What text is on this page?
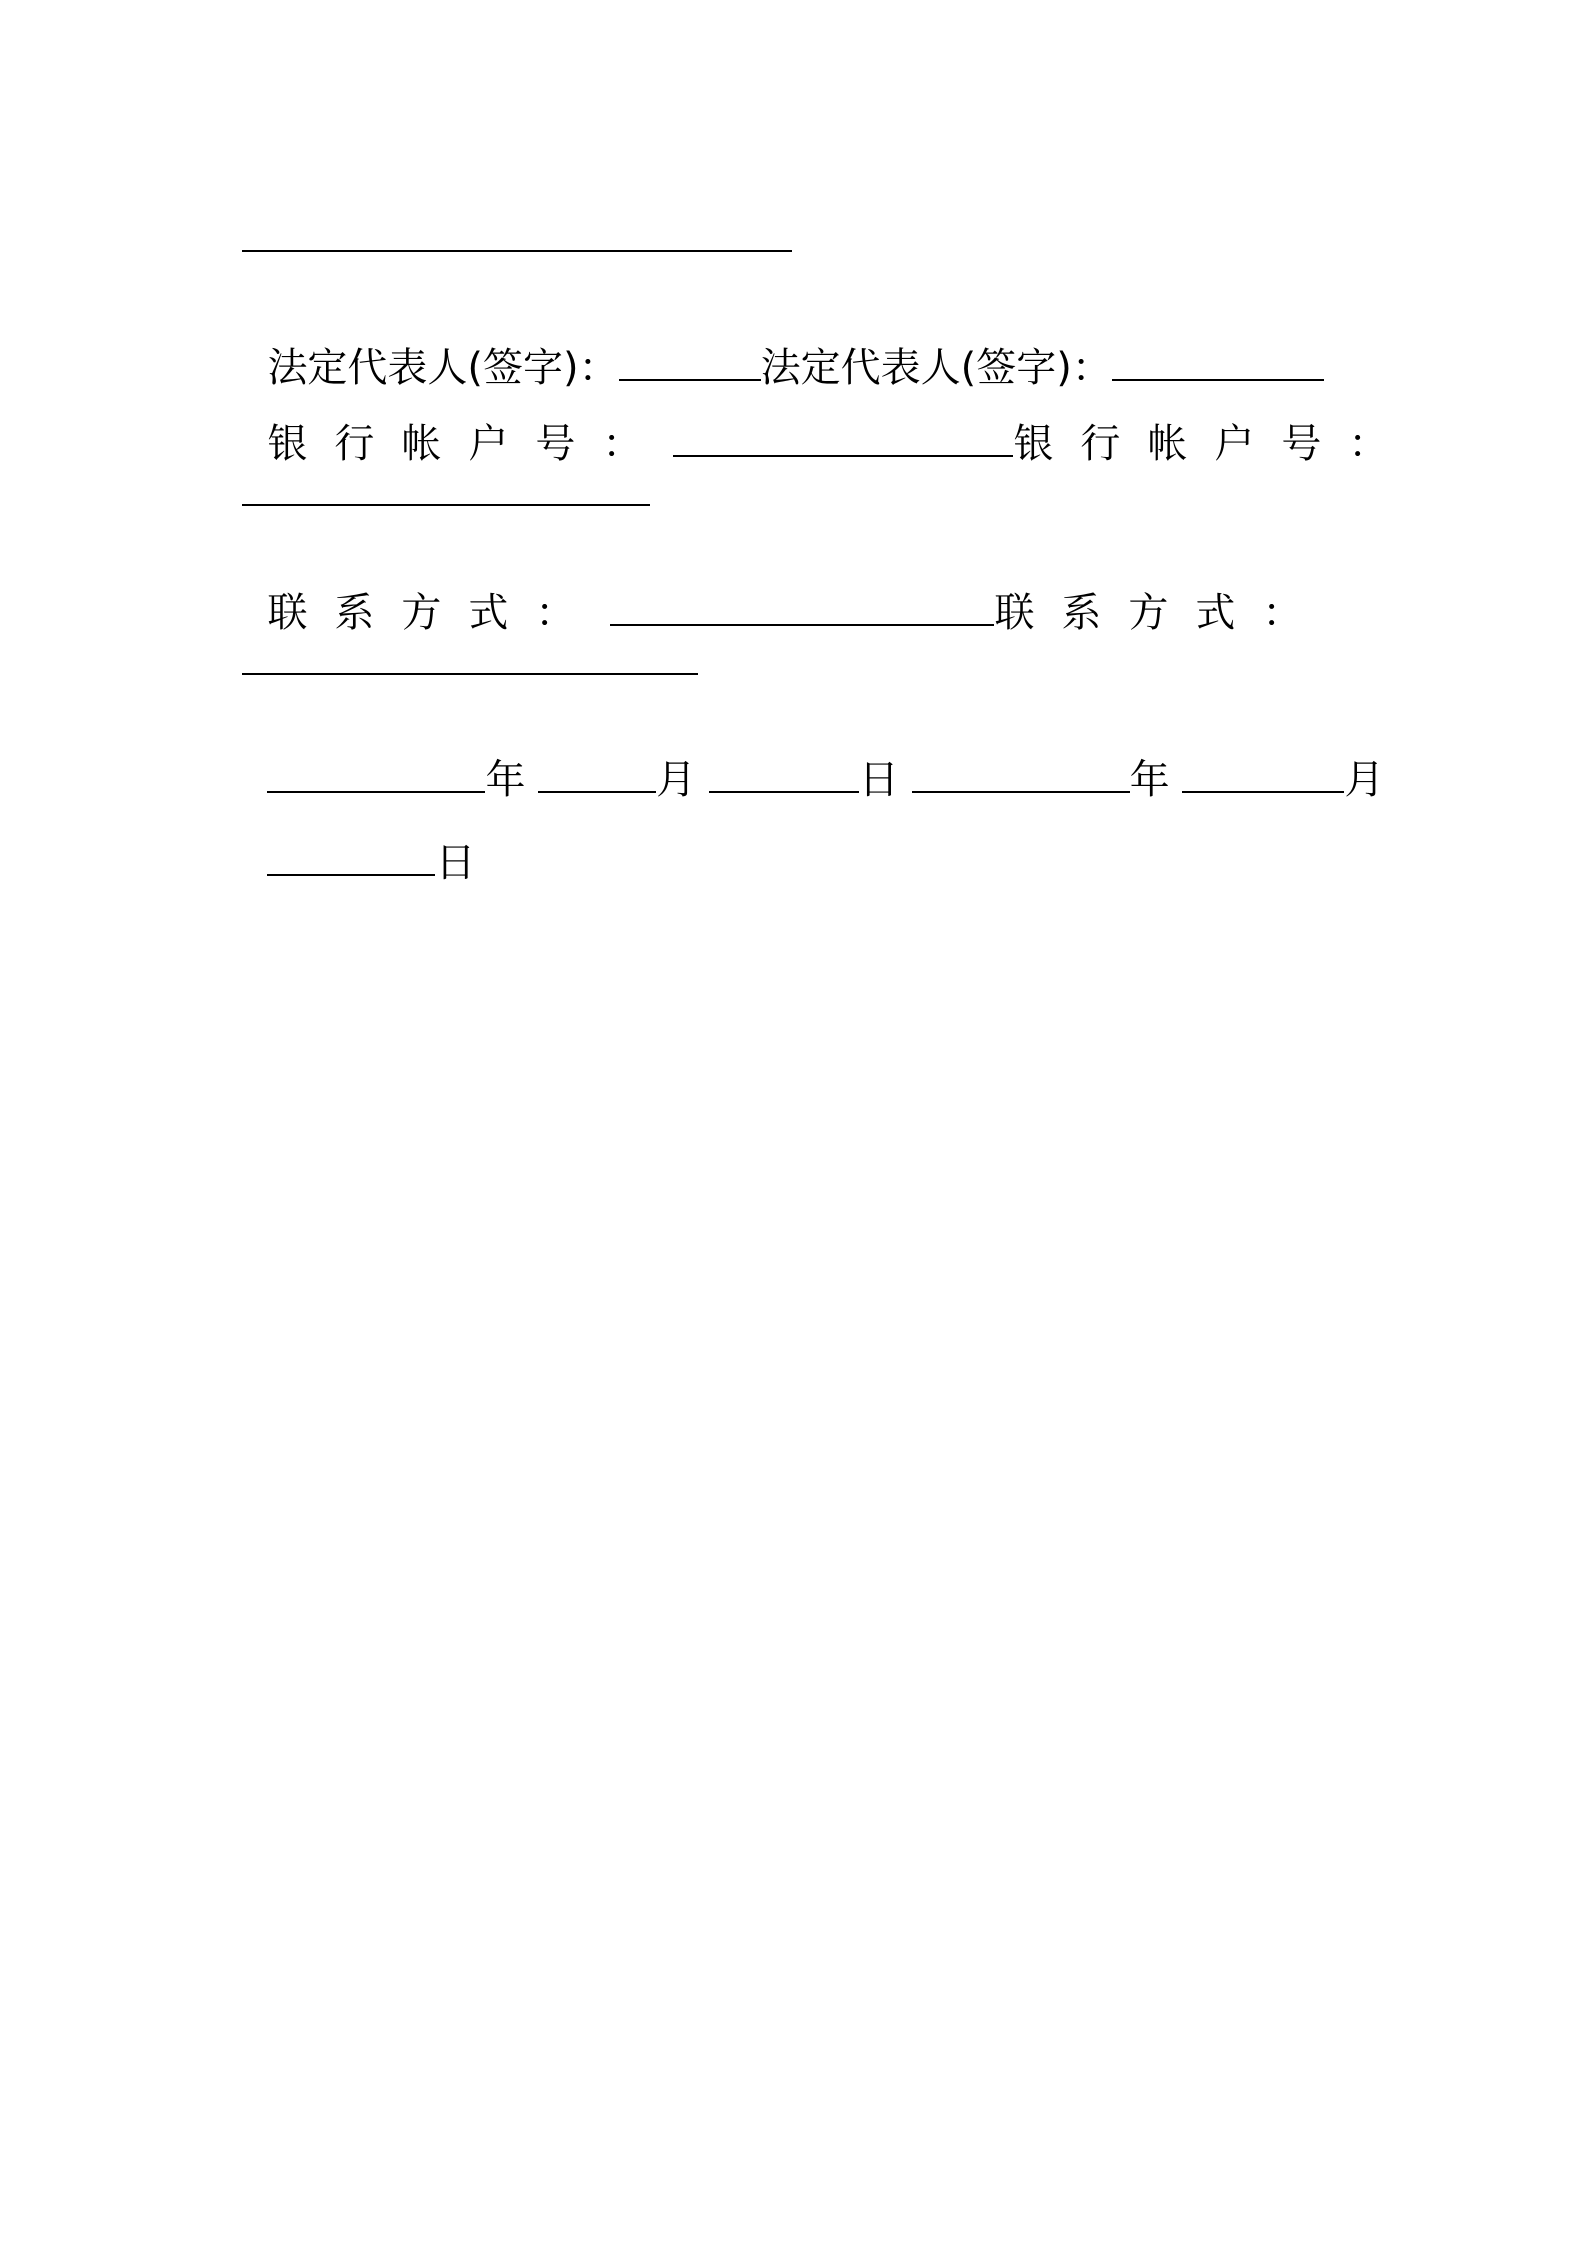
法定代表人(签字)：	法定代表人(签字)：

银行帐户号：	银行帐户号：

联系方式：	联系方式：

年	月	日	年	月

日
